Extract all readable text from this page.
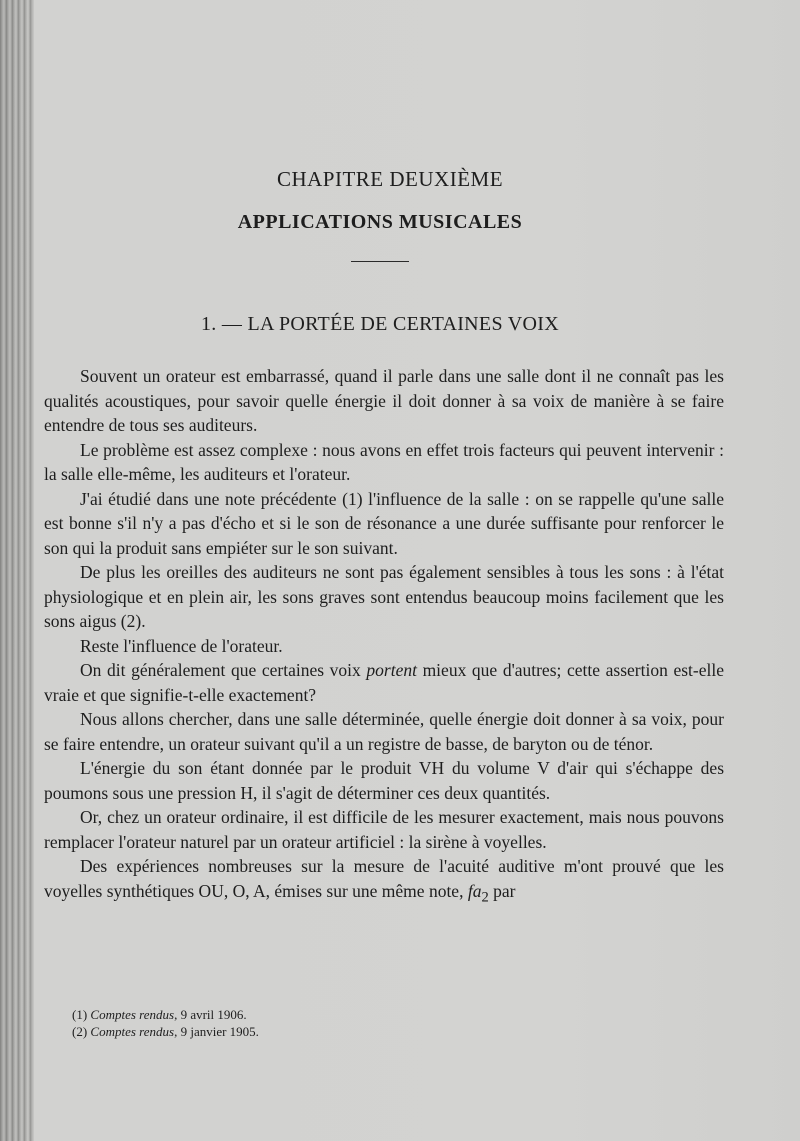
CHAPITRE DEUXIÈME
APPLICATIONS MUSICALES
1. — LA PORTÉE DE CERTAINES VOIX

Souvent un orateur est embarrassé, quand il parle dans une salle dont il ne connaît pas les qualités acoustiques, pour savoir quelle énergie il doit donner à sa voix de manière à se faire entendre de tous ses auditeurs.

Le problème est assez complexe : nous avons en effet trois facteurs qui peuvent intervenir : la salle elle-même, les auditeurs et l'orateur.

J'ai étudié dans une note précédente (1) l'influence de la salle : on se rappelle qu'une salle est bonne s'il n'y a pas d'écho et si le son de résonance a une durée suffisante pour renforcer le son qui la produit sans empiéter sur le son suivant.

De plus les oreilles des auditeurs ne sont pas également sensibles à tous les sons : à l'état physiologique et en plein air, les sons graves sont entendus beaucoup moins facilement que les sons aigus (2).

Reste l'influence de l'orateur.

On dit généralement que certaines voix portent mieux que d'autres; cette assertion est-elle vraie et que signifie-t-elle exactement?

Nous allons chercher, dans une salle déterminée, quelle énergie doit donner à sa voix, pour se faire entendre, un orateur suivant qu'il a un registre de basse, de baryton ou de ténor.

L'énergie du son étant donnée par le produit VH du volume V d'air qui s'échappe des poumons sous une pression H, il s'agit de déterminer ces deux quantités.

Or, chez un orateur ordinaire, il est difficile de les mesurer exactement, mais nous pouvons remplacer l'orateur naturel par un orateur artificiel : la sirène à voyelles.

Des expériences nombreuses sur la mesure de l'acuité auditive m'ont prouvé que les voyelles synthétiques OU, O, A, émises sur une même note, $fa_2$ par

(1) Comptes rendus, 9 avril 1906.
(2) Comptes rendus, 9 janvier 1905.
